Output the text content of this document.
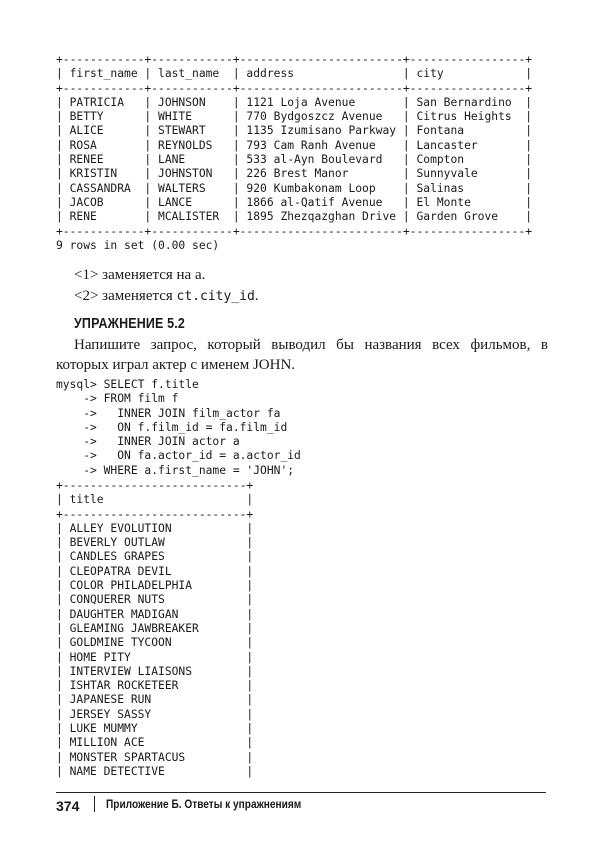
+------------+------------+------------------------+-----------------+
| first_name | last_name  | address                | city            |
+------------+------------+------------------------+-----------------+
| PATRICIA   | JOHNSON    | 1121 Loja Avenue       | San Bernardino  |
| BETTY      | WHITE      | 770 Bydgoszcz Avenue   | Citrus Heights  |
| ALICE      | STEWART    | 1135 Izumisano Parkway | Fontana         |
| ROSA       | REYNOLDS   | 793 Cam Ranh Avenue    | Lancaster       |
| RENEE      | LANE       | 533 al-Ayn Boulevard   | Compton         |
| KRISTIN    | JOHNSTON   | 226 Brest Manor        | Sunnyvale       |
| CASSANDRA  | WALTERS    | 920 Kumbakonam Loop    | Salinas         |
| JACOB      | LANCE      | 1866 al-Qatif Avenue   | El Monte        |
| RENE       | MCALISTER  | 1895 Zhezqazghan Drive | Garden Grove    |
+------------+------------+------------------------+-----------------+
9 rows in set (0.00 sec)
<1> заменяется на a.
<2> заменяется ct.city_id.
УПРАЖНЕНИЕ 5.2
Напишите запрос, который выводил бы названия всех фильмов, в которых играл актер с именем JOHN.
mysql> SELECT f.title
-> FROM film f
->   INNER JOIN film_actor fa
->   ON f.film_id = fa.film_id
->   INNER JOIN actor a
->   ON fa.actor_id = a.actor_id
-> WHERE a.first_name = 'JOHN';
+---------------------------+
| title                     |
+---------------------------+
| ALLEY EVOLUTION           |
| BEVERLY OUTLAW            |
| CANDLES GRAPES            |
| CLEOPATRA DEVIL           |
| COLOR PHILADELPHIA        |
| CONQUERER NUTS            |
| DAUGHTER MADIGAN          |
| GLEAMING JAWBREAKER       |
| GOLDMINE TYCOON           |
| HOME PITY                 |
| INTERVIEW LIAISONS        |
| ISHTAR ROCKETEER          |
| JAPANESE RUN              |
| JERSEY SASSY              |
| LUKE MUMMY                |
| MILLION ACE               |
| MONSTER SPARTACUS         |
| NAME DETECTIVE            |
374 Приложение Б. Ответы к упражнениям
